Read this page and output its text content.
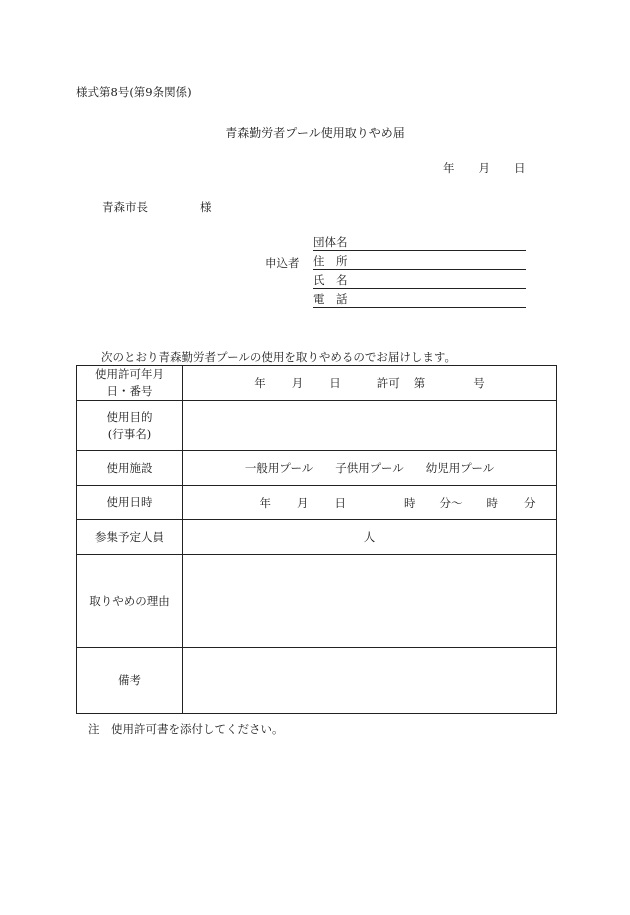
様式第8号(第9条関係)
青森勤労者プール使用取りやめ届
年 月 日
青森市長	様
申込者
団体名
住　所
氏　名
電　話
次のとおり青森勤労者プールの使用を取りやめるのでお届けします。
使用許可年月
日・番号	年 月 日 許可 第 号

使用目的
(行事名)	

使用施設	一般用プール 子供用プール 幼児用プール
使用日時	年 月 日 時 分〜 時 分
参集予定人員	人
取りやめの理由	
備考	
注　使用許可書を添付してください。
